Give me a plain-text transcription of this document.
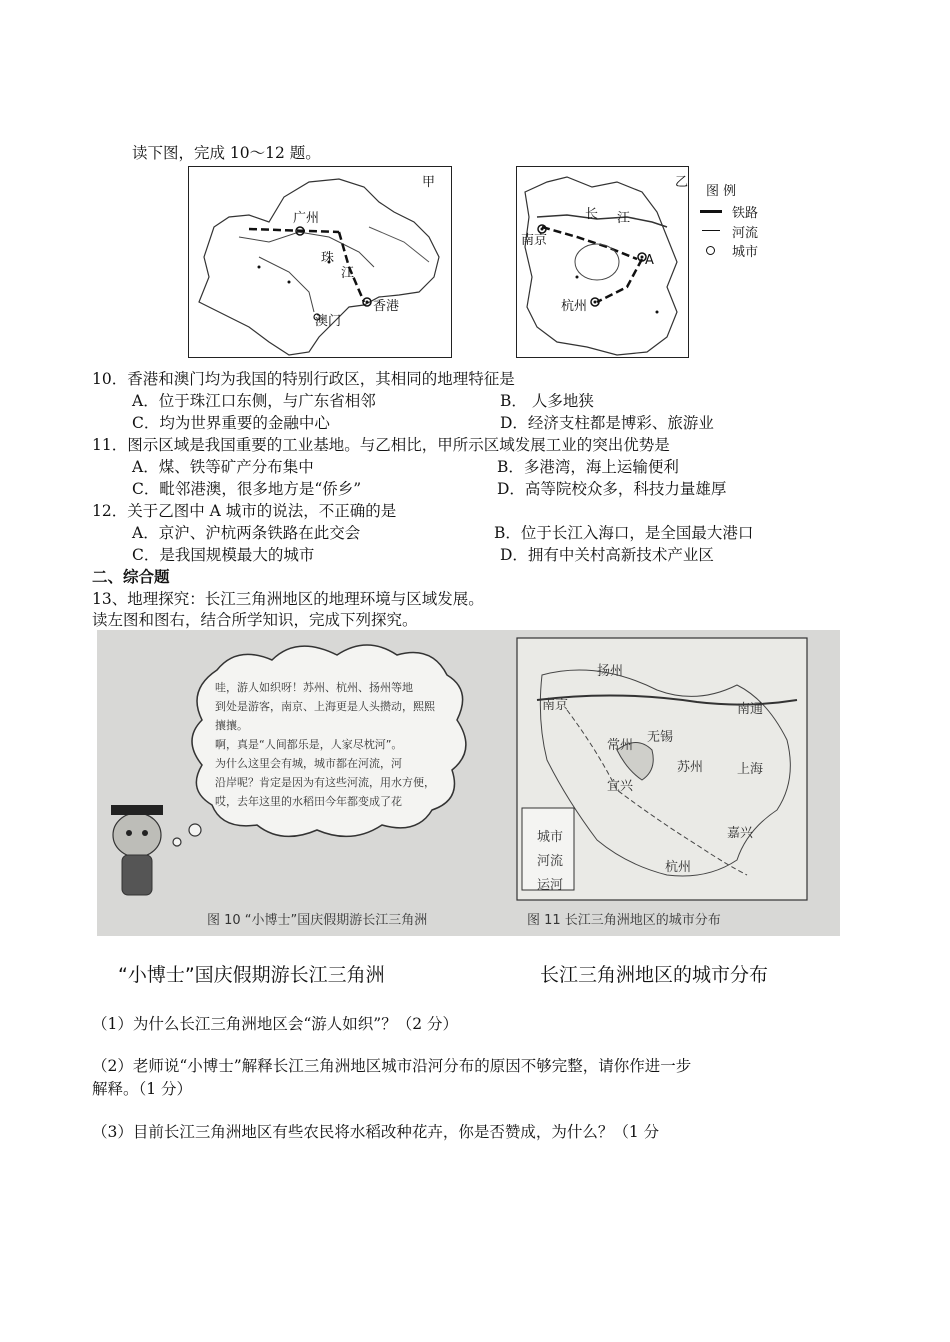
读下图，完成 10～12 题。
甲
广州
珠
江
澳门
香港
乙
长 江
南京
A
杭州
图 例
铁路
河流
城市
10．香港和澳门均为我国的特别行政区，其相同的地理特征是
A．位于珠江口东侧，与广东省相邻	B． 人多地狭
C．均为世界重要的金融中心	D．经济支柱都是博彩、旅游业
11．图示区域是我国重要的工业基地。与乙相比，甲所示区域发展工业的突出优势是
A．煤、铁等矿产分布集中	B．多港湾，海上运输便利
C．毗邻港澳，很多地方是“侨乡”	D．高等院校众多，科技力量雄厚
12．关于乙图中 A 城市的说法，不正确的是
A．京沪、沪杭两条铁路在此交会	B．位于长江入海口，是全国最大港口
C．是我国规模最大的城市	D．拥有中关村高新技术产业区
二、综合题
13、地理探究：长江三角洲地区的地理环境与区域发展。
读左图和图右，结合所学知识，完成下列探究。
哇，游人如织呀！苏州、杭州、扬州等地
到处是游客，南京、上海更是人头攒动，熙熙
攘攘。
啊，真是“人间都乐是，人家尽枕河”。
为什么这里会有城，城市都在河流，河
沿岸呢？肯定是因为有这些河流，用水方便，
哎，去年这里的水稻田今年都变成了花
扬州
南京	南通
常州
无锡
苏州	上海
宜兴
嘉兴
杭州
城市
河流
运河
图 10 “小博士”国庆假期游长江三角洲	图 11 长江三角洲地区的城市分布
“小博士”国庆假期游长江三角洲	长江三角洲地区的城市分布
（1）为什么长江三角洲地区会“游人如织”？（2 分）
（2）老师说“小博士”解释长江三角洲地区城市沿河分布的原因不够完整，请你作进一步
解释。（1 分）
（3）目前长江三角洲地区有些农民将水稻改种花卉，你是否赞成，为什么？（1 分
